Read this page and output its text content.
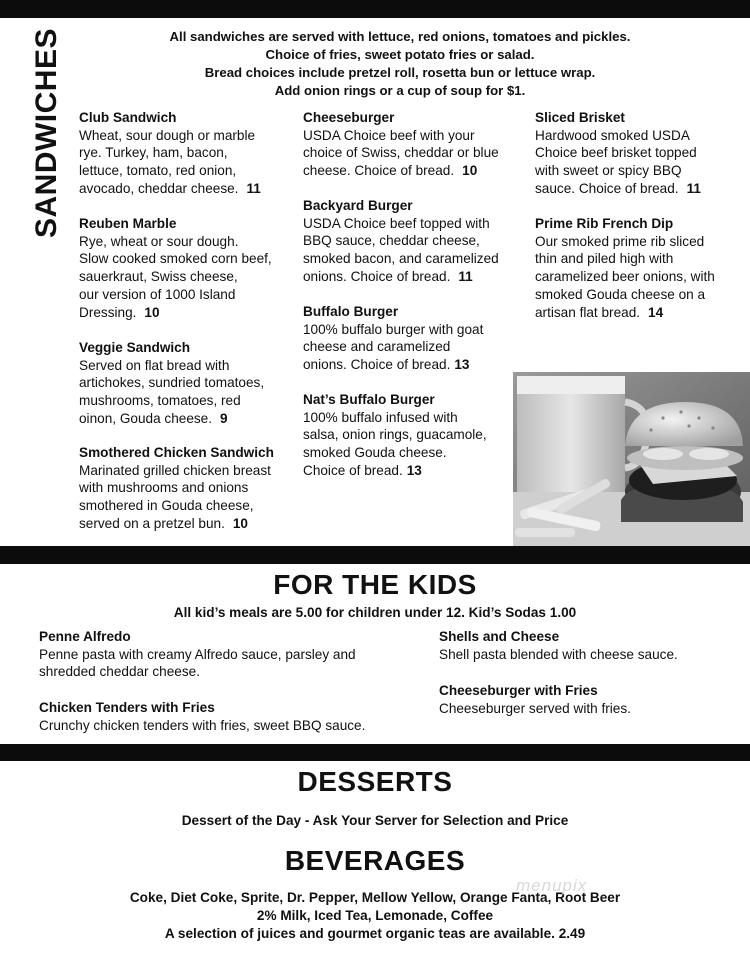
SANDWICHES	All sandwiches are served with lettuce, red onions, tomatoes and pickles.
Choice of fries, sweet potato fries or salad.
Bread choices include pretzel roll, rosetta bun or lettuce wrap.
Add onion rings or a cup of soup for $1.
Club Sandwich
Wheat, sour dough or marble
rye. Turkey, ham, bacon,
lettuce, tomato, red onion,
avocado, cheddar cheese. 11
Reuben Marble
Rye, wheat or sour dough.
Slow cooked smoked corn beef,
sauerkraut, Swiss cheese,
our version of 1000 Island
Dressing. 10
Veggie Sandwich
Served on flat bread with
artichokes, sundried tomatoes,
mushrooms, tomatoes, red
oinon, Gouda cheese. 9
Smothered Chicken Sandwich
Marinated grilled chicken breast
with mushrooms and onions
smothered in Gouda cheese,
served on a pretzel bun. 10
Cheeseburger
USDA Choice beef with your
choice of Swiss, cheddar or blue
cheese. Choice of bread. 10
Backyard Burger
USDA Choice beef topped with
BBQ sauce, cheddar cheese,
smoked bacon, and caramelized
onions. Choice of bread. 11
Buffalo Burger
100% buffalo burger with goat
cheese and caramelized
onions. Choice of bread. 13
Nat’s Buffalo Burger
100% buffalo infused with
salsa, onion rings, guacamole,
smoked Gouda cheese.
Choice of bread. 13
Sliced Brisket
Hardwood smoked USDA
Choice beef brisket topped
with sweet or spicy BBQ
sauce. Choice of bread. 11
Prime Rib French Dip
Our smoked prime rib sliced
thin and piled high with
caramelized beer onions, with
smoked Gouda cheese on a
artisan flat bread. 14
FOR THE KIDS
All kid’s meals are 5.00 for children under 12. Kid’s Sodas 1.00
Penne Alfredo
Penne pasta with creamy Alfredo sauce, parsley and
shredded cheddar cheese.
Chicken Tenders with Fries
Crunchy chicken tenders with fries, sweet BBQ sauce.
Shells and Cheese
Shell pasta blended with cheese sauce.
Cheeseburger with Fries
Cheeseburger served with fries.
DESSERTS
Dessert of the Day - Ask Your Server for Selection and Price
BEVERAGES
Coke, Diet Coke, Sprite, Dr. Pepper, Mellow Yellow, Orange Fanta, Root Beer
2% Milk, Iced Tea, Lemonade, Coffee
A selection of juices and gourmet organic teas are available. 2.49
menupix
